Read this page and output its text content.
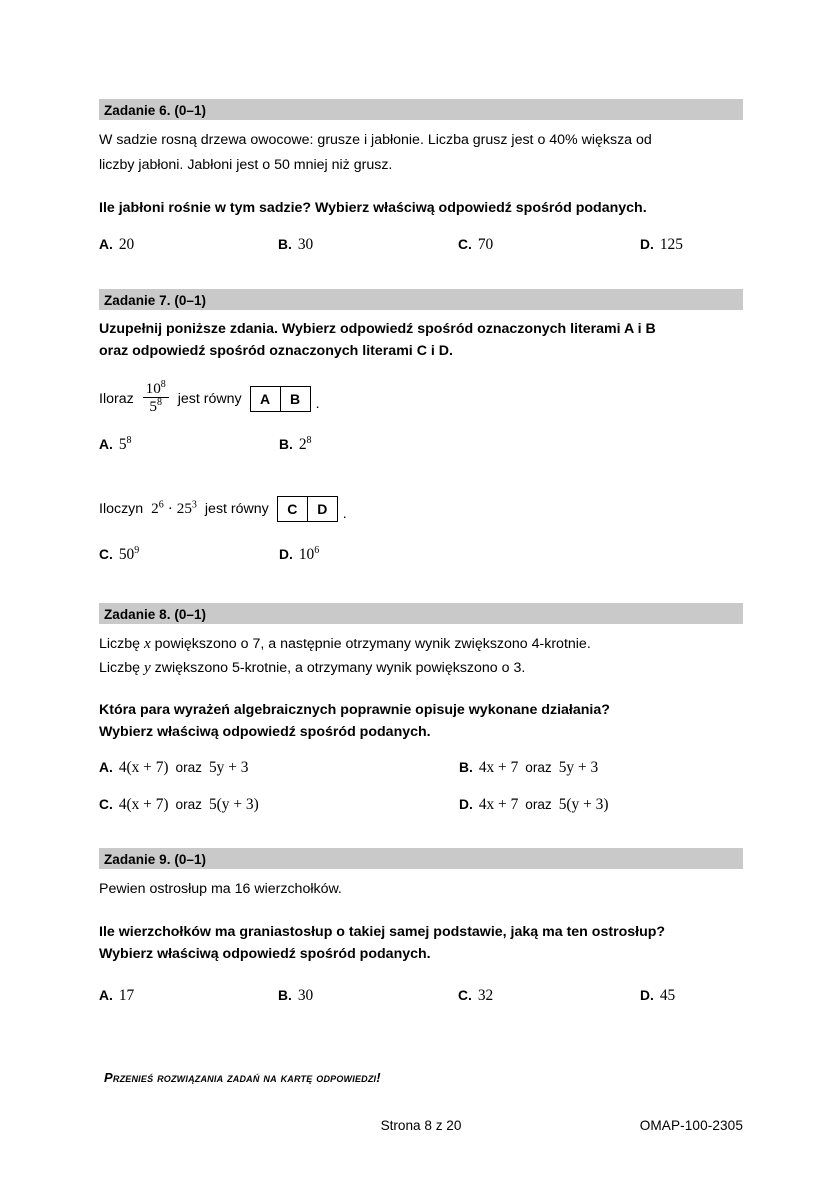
Zadanie 6. (0–1)
W sadzie rosną drzewa owocowe: grusze i jabłonie. Liczba grusz jest o 40% większa od
liczby jabłoni. Jabłoni jest o 50 mniej niż grusz.
Ile jabłoni rośnie w tym sadzie? Wybierz właściwą odpowiedź spośród podanych.
A. 20	B. 30	C. 70	D. 125
Zadanie 7. (0–1)
Uzupełnij poniższe zdania. Wybierz odpowiedź spośród oznaczonych literami A i B
oraz odpowiedź spośród oznaczonych literami C i D.
Iloraz $\frac{10^8}{5^8}$ jest równy	A	B	.
A. $5^8$	B. $2^8$
Iloczyn $2^6 \cdot 25^3$ jest równy	C	D	.
C. $50^9$	D. $10^6$
Zadanie 8. (0–1)
Liczbę x powiększono o 7, a następnie otrzymany wynik zwiększono 4-krotnie.
Liczbę y zwiększono 5-krotnie, a otrzymany wynik powiększono o 3.
Która para wyrażeń algebraicznych poprawnie opisuje wykonane działania?
Wybierz właściwą odpowiedź spośród podanych.
A. 4(x + 7) oraz 5y + 3	B. 4x + 7 oraz 5y + 3
C. 4(x + 7) oraz 5(y + 3)	D. 4x + 7 oraz 5(y + 3)
Zadanie 9. (0–1)
Pewien ostrosłup ma 16 wierzchołków.
Ile wierzchołków ma graniastosłup o takiej samej podstawie, jaką ma ten ostrosłup?
Wybierz właściwą odpowiedź spośród podanych.
A. 17	B. 30	C. 32	D. 45
Przenieś rozwiązania zadań na kartę odpowiedzi!
Strona 8 z 20	OMAP-100-2305
